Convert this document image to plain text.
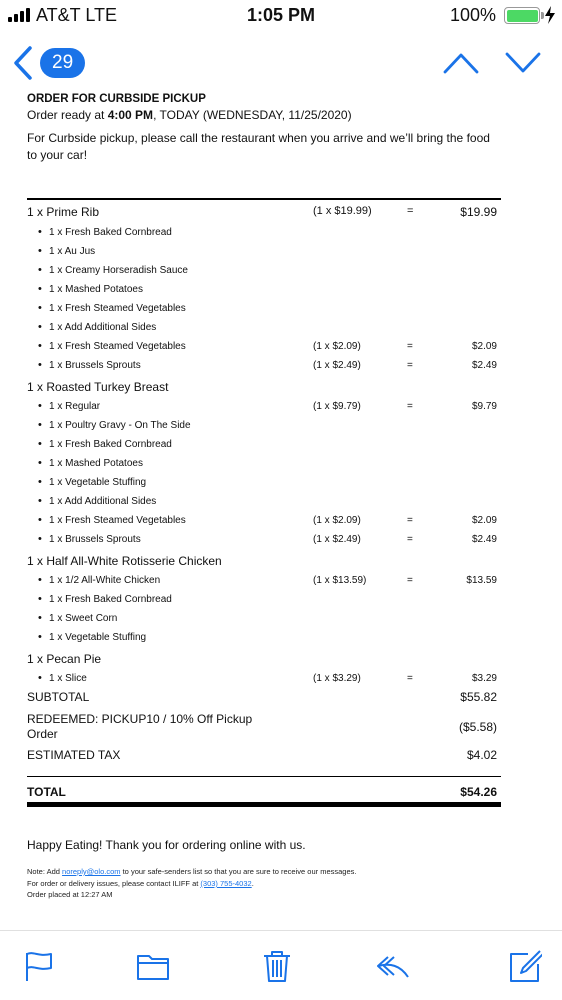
AT&T LTE	1:05 PM	100%
29
ORDER FOR CURBSIDE PICKUP
Order ready at 4:00 PM, TODAY (WEDNESDAY, 11/25/2020)
For Curbside pickup, please call the restaurant when you arrive and we’ll bring the food to your car!
1 x Prime Rib	(1 x $19.99)	=	$19.99
• 1 x Fresh Baked Cornbread
• 1 x Au Jus
• 1 x Creamy Horseradish Sauce
• 1 x Mashed Potatoes
• 1 x Fresh Steamed Vegetables
• 1 x Add Additional Sides
• 1 x Fresh Steamed Vegetables	(1 x $2.09)	=	$2.09
• 1 x Brussels Sprouts	(1 x $2.49)	=	$2.49
1 x Roasted Turkey Breast
• 1 x Regular	(1 x $9.79)	=	$9.79
• 1 x Poultry Gravy - On The Side
• 1 x Fresh Baked Cornbread
• 1 x Mashed Potatoes
• 1 x Vegetable Stuffing
• 1 x Add Additional Sides
• 1 x Fresh Steamed Vegetables	(1 x $2.09)	=	$2.09
• 1 x Brussels Sprouts	(1 x $2.49)	=	$2.49
1 x Half All-White Rotisserie Chicken
• 1 x 1/2 All-White Chicken	(1 x $13.59)	=	$13.59
• 1 x Fresh Baked Cornbread
• 1 x Sweet Corn
• 1 x Vegetable Stuffing
1 x Pecan Pie
• 1 x Slice	(1 x $3.29)	=	$3.29
SUBTOTAL	$55.82
REDEEMED: PICKUP10 / 10% Off Pickup Order	($5.58)
ESTIMATED TAX	$4.02
TOTAL	$54.26
Happy Eating! Thank you for ordering online with us.
Note: Add noreply@olo.com to your safe-senders list so that you are sure to receive our messages.
For order or delivery issues, please contact ILIFF at (303) 755-4032.
Order placed at 12:27 AM
